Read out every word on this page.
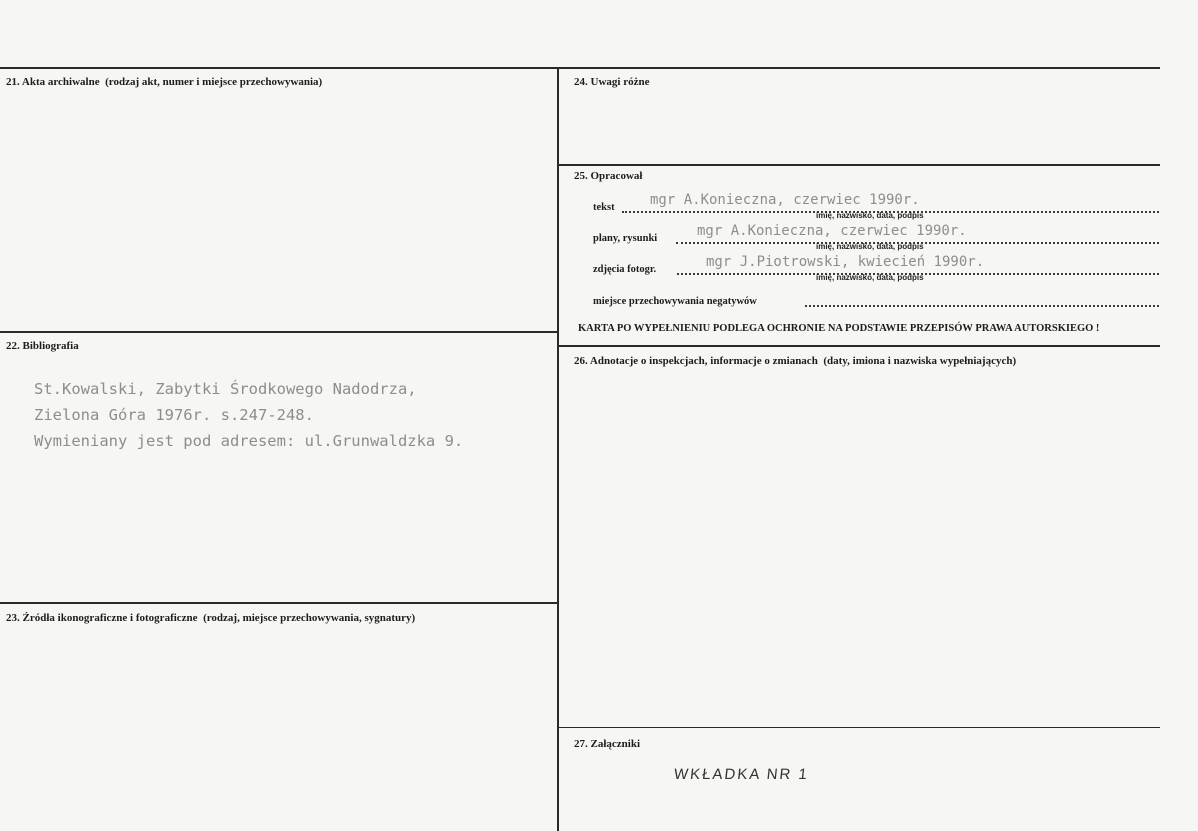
21. Akta archiwalne (rodzaj akt, numer i miejsce przechowywania)
22. Bibliografia
St.Kowalski, Zabytki Środkowego Nadodrza,
Zielona Góra 1976r. s.247-248.
Wymieniany jest pod adresem: ul.Grunwaldzka 9.
23. Źródła ikonograficzne i fotograficzne (rodzaj, miejsce przechowywania, sygnatury)
24. Uwagi różne
25. Opracował
tekst	mgr A.Konieczna, czerwiec 1990r.
imię, nazwisko, data, podpis
plany, rysunki	mgr A.Konieczna, czerwiec 1990r.
imię, nazwisko, data, podpis
zdjęcia fotogr.	mgr J.Piotrowski, kwiecień 1990r.
imię, nazwisko, data, podpis
miejsce przechowywania negatywów
KARTA PO WYPEŁNIENIU PODLEGA OCHRONIE NA PODSTAWIE PRZEPISÓW PRAWA AUTORSKIEGO !
26. Adnotacje o inspekcjach, informacje o zmianach (daty, imiona i nazwiska wypełniających)
27. Załączniki
WKŁADKA NR 1
